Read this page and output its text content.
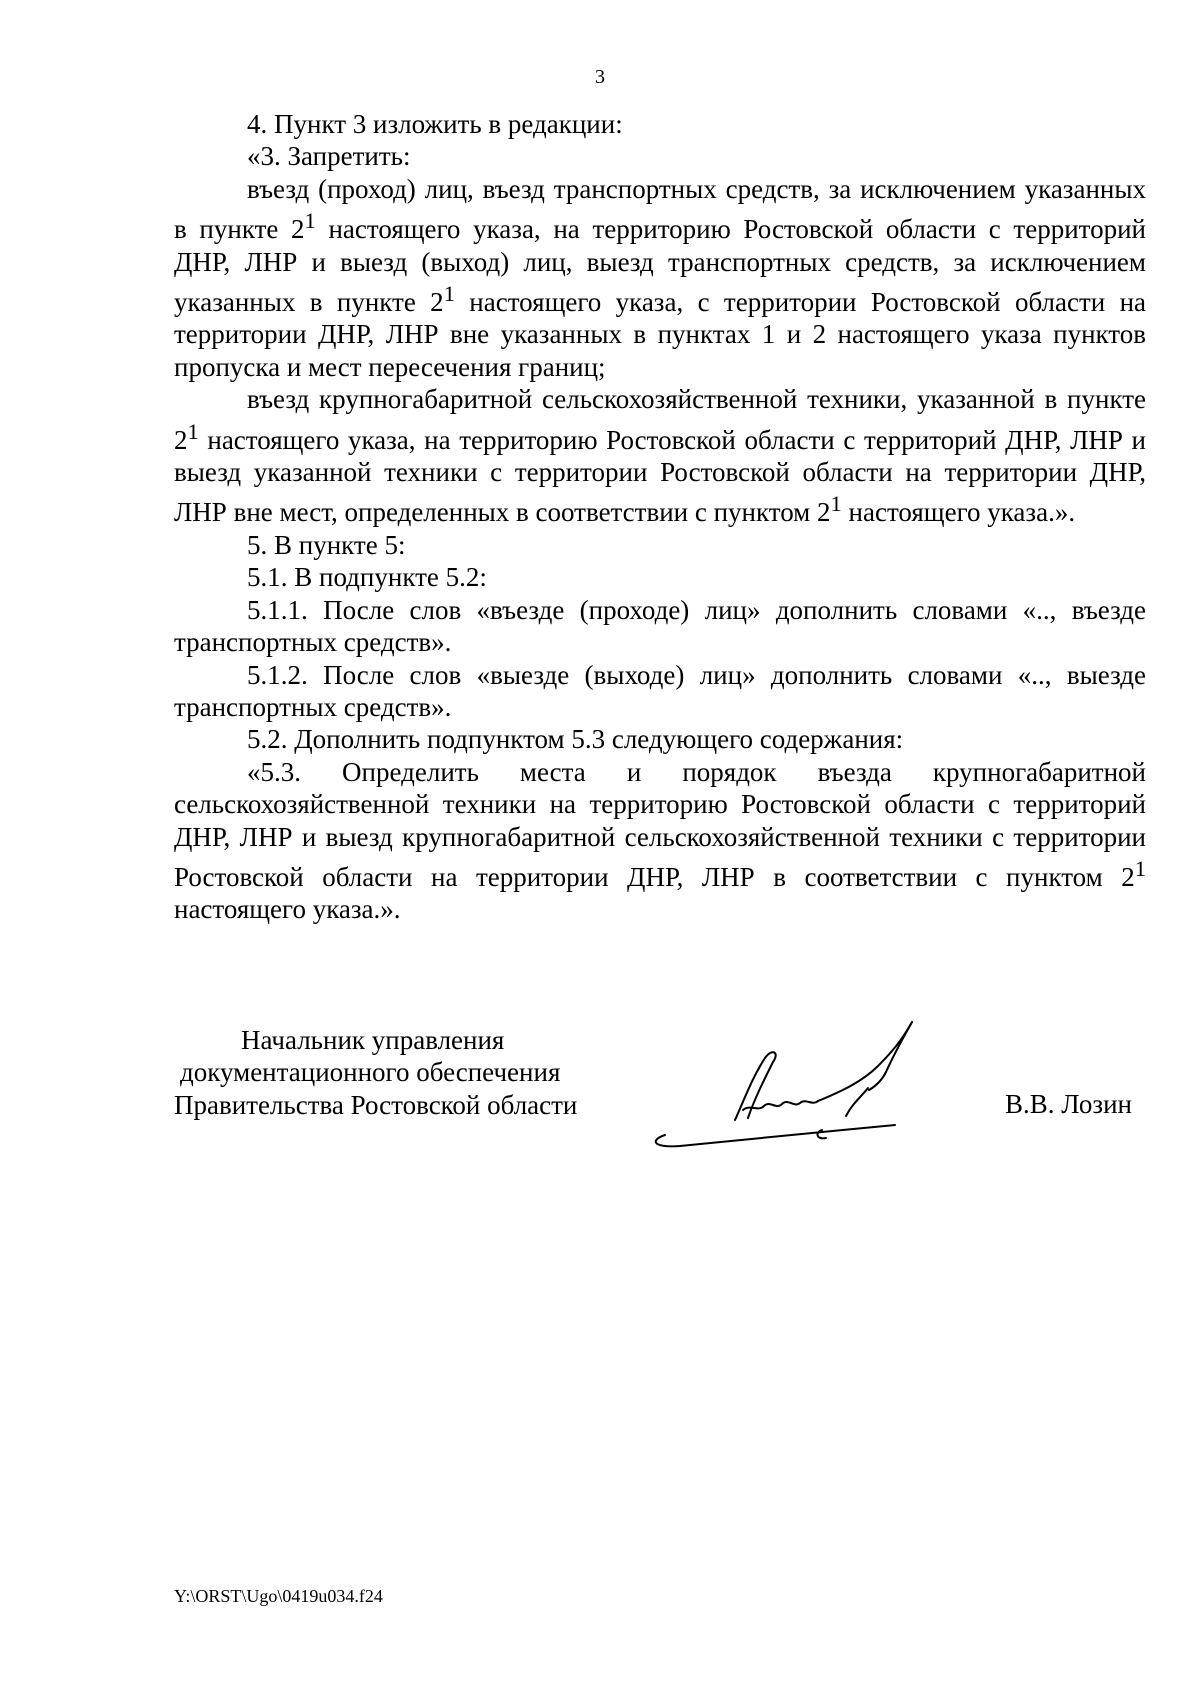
3

4. Пункт 3 изложить в редакции:

«3. Запретить:

въезд (проход) лиц, въезд транспортных средств, за исключением указанных в пункте $2^1$ настоящего указа, на территорию Ростовской области с территорий ДНР, ЛНР и выезд (выход) лиц, выезд транспортных средств, за исключением указанных в пункте $2^1$ настоящего указа, с территории Ростовской области на территории ДНР, ЛНР вне указанных в пунктах 1 и 2 настоящего указа пунктов пропуска и мест пересечения границ;

въезд крупногабаритной сельскохозяйственной техники, указанной в пункте $2^1$ настоящего указа, на территорию Ростовской области с территорий ДНР, ЛНР и выезд указанной техники с территории Ростовской области на территории ДНР, ЛНР вне мест, определенных в соответствии с пунктом $2^1$ настоящего указа.».

5. В пункте 5:

5.1. В подпункте 5.2:

5.1.1. После слов «въезде (проходе) лиц» дополнить словами «.., въезде транспортных средств».

5.1.2. После слов «выезде (выходе) лиц» дополнить словами «.., выезде транспортных средств».

5.2. Дополнить подпунктом 5.3 следующего содержания:

«5.3. Определить места и порядок въезда крупногабаритной сельскохозяйственной техники на территорию Ростовской области с территорий ДНР, ЛНР и выезд крупногабаритной сельскохозяйственной техники с территории Ростовской области на территории ДНР, ЛНР в соответствии с пунктом $2^1$ настоящего указа.».

Начальник управления
документационного обеспечения
Правительства Ростовской области	В.В. Лозин
Y:\ORST\Ugo\0419u034.f24
